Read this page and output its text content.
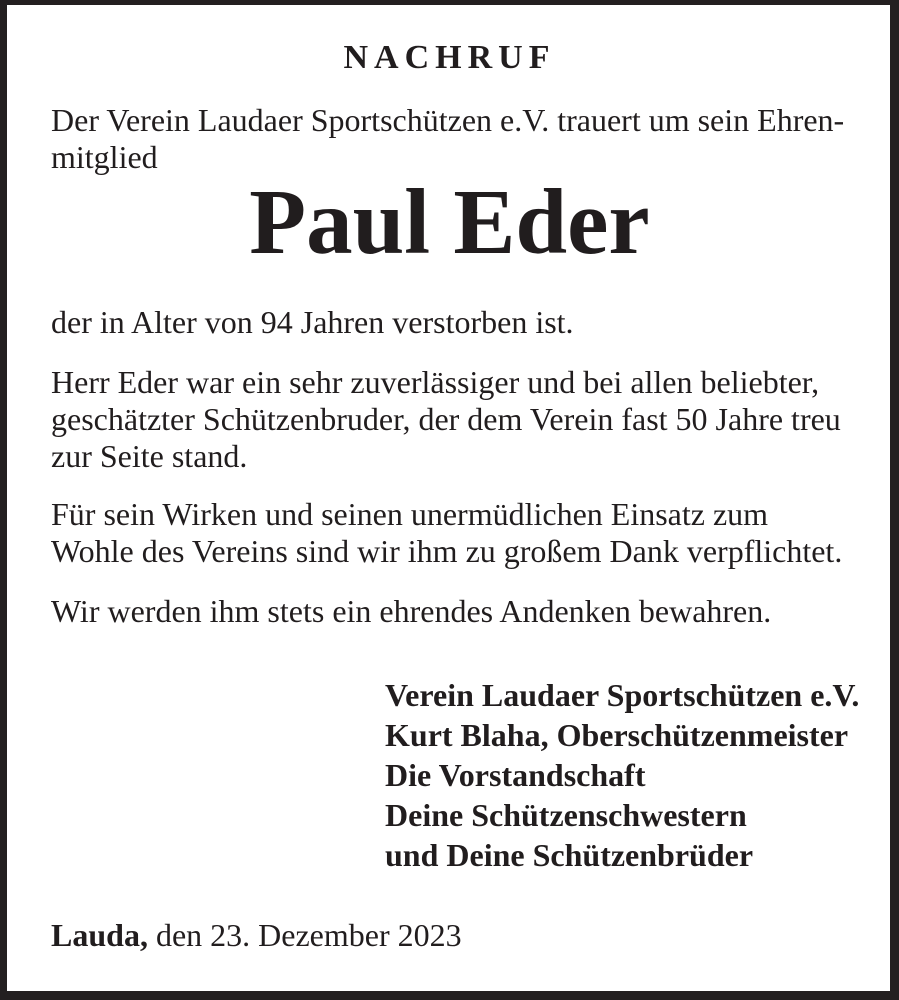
NACHRUF
Der Verein Laudaer Sportschützen e.V. trauert um sein Ehren-
mitglied
Paul Eder
der in Alter von 94 Jahren verstorben ist.
Herr Eder war ein sehr zuverlässiger und bei allen beliebter,
geschätzter Schützenbruder, der dem Verein fast 50 Jahre treu
zur Seite stand.
Für sein Wirken und seinen unermüdlichen Einsatz zum
Wohle des Vereins sind wir ihm zu großem Dank verpflichtet.
Wir werden ihm stets ein ehrendes Andenken bewahren.
Verein Laudaer Sportschützen e.V.
Kurt Blaha, Oberschützenmeister
Die Vorstandschaft
Deine Schützenschwestern
und Deine Schützenbrüder
Lauda, den 23. Dezember 2023
